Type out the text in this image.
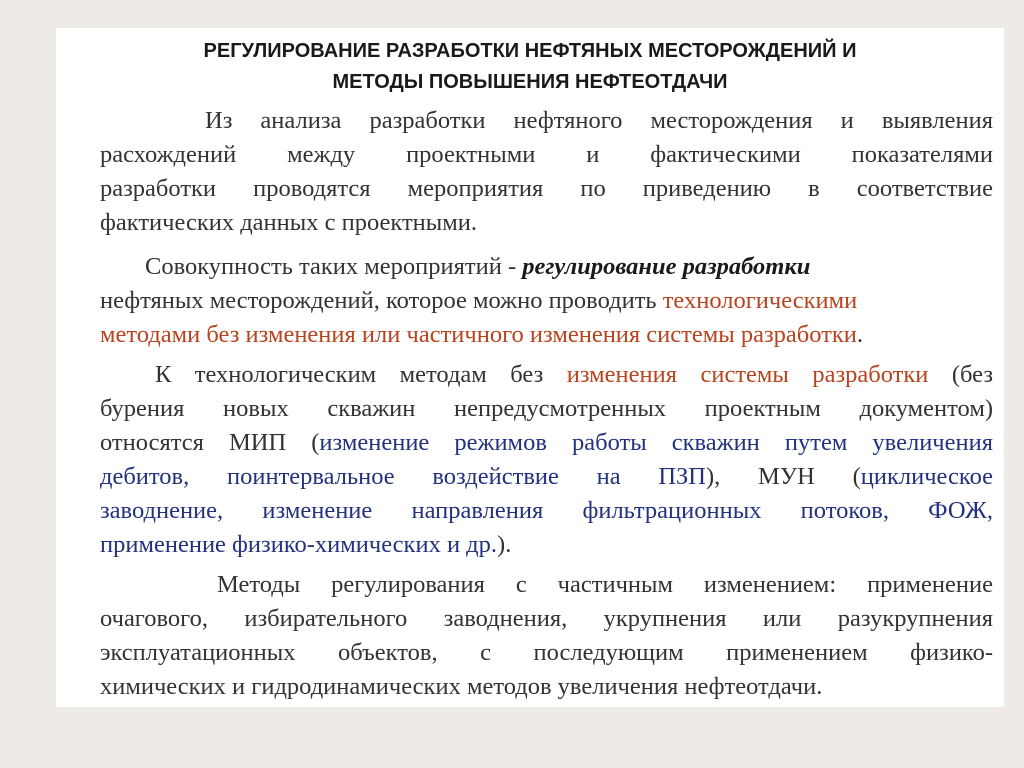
РЕГУЛИРОВАНИЕ РАЗРАБОТКИ НЕФТЯНЫХ МЕСТОРОЖДЕНИЙ И
МЕТОДЫ ПОВЫШЕНИЯ НЕФТЕОТДАЧИ
Из анализа разработки нефтяного месторождения и выявления
расхождений между проектными и фактическими показателями
разработки проводятся мероприятия по приведению в соответствие
фактических данных с проектными.
Совокупность таких мероприятий - регулирование разработки
нефтяных месторождений, которое можно проводить технологическими
методами без изменения или частичного изменения системы разработки.
К технологическим методам без изменения системы разработки (без
бурения новых скважин непредусмотренных проектным документом)
относятся МИП (изменение режимов работы скважин путем увеличения
дебитов, поинтервальное воздействие на ПЗП), МУН (циклическое
заводнение, изменение направления фильтрационных потоков, ФОЖ,
применение физико-химических и др.).
Методы регулирования с частичным изменением: применение
очагового, избирательного заводнения, укрупнения или разукрупнения
эксплуатационных объектов, с последующим применением физико-
химических и гидродинамических методов увеличения нефтеотдачи.
